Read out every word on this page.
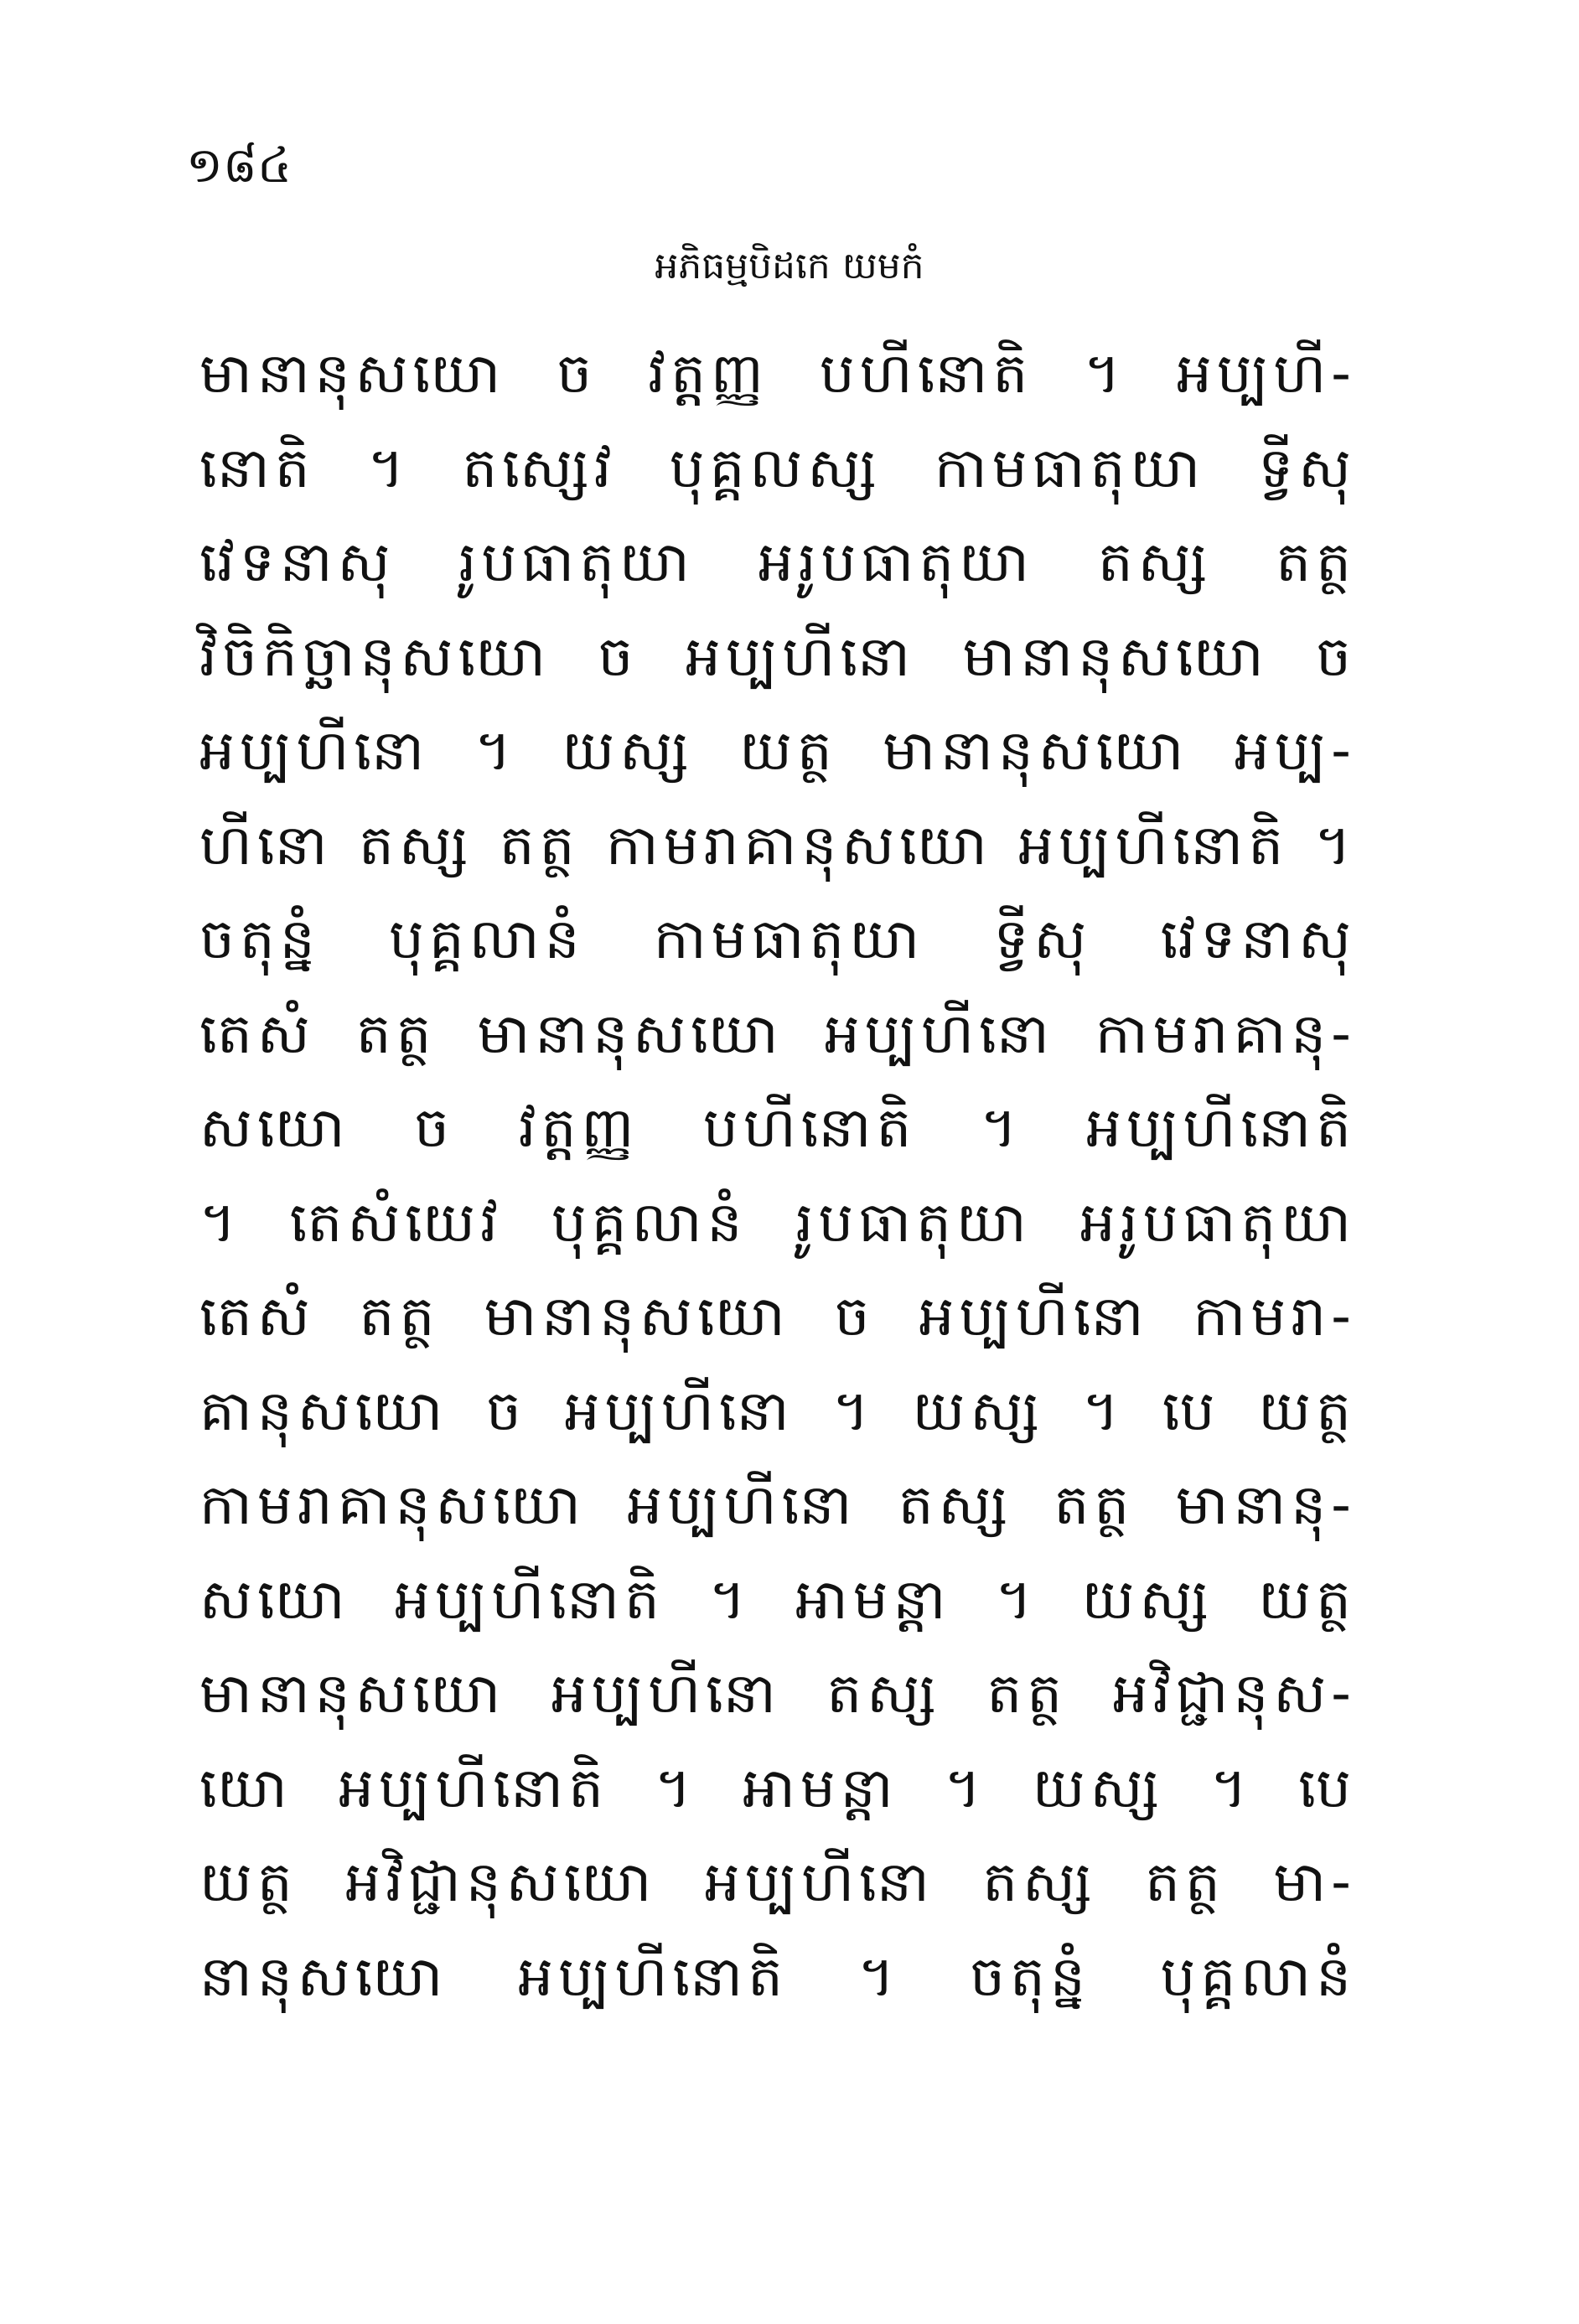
១៨៤
អភិធម្មបិដកេ យមកំ
មានានុសយោ ច វត្តញ្ញ បហីនោតិ ។ អប្បហី-
នោតិ ។ តស្សេវ បុគ្គលស្ស កាមធាតុយា ទ្វីសុ
វេទនាសុ រូបធាតុយា អរូបធាតុយា តស្ស តត្ថ
វិចិកិច្ឆានុសយោ ច អប្បហីនោ មានានុសយោ ច
អប្បហីនោ ។ យស្ស យត្ថ មានានុសយោ អប្ប-
ហីនោ តស្ស តត្ថ កាមរាគានុសយោ អប្បហីនោតិ ។
ចតុន្នំ បុគ្គលានំ កាមធាតុយា ទ្វីសុ វេទនាសុ
តេសំ តត្ថ មានានុសយោ អប្បហីនោ កាមរាគានុ-
សយោ ច វត្តញ្ញ បហីនោតិ ។ អប្បហីនោតិ
។ តេសំយេវ បុគ្គលានំ រូបធាតុយា អរូបធាតុយា
តេសំ តត្ថ មានានុសយោ ច អប្បហីនោ កាមរា-
គានុសយោ ច អប្បហីនោ ។ យស្ស ។ បេ យត្ថ
កាមរាគានុសយោ អប្បហីនោ តស្ស តត្ថ មានានុ-
សយោ អប្បហីនោតិ ។ អាមន្តា ។ យស្ស យត្ថ
មានានុសយោ អប្បហីនោ តស្ស តត្ថ អវិជ្ជានុស-
យោ អប្បហីនោតិ ។ អាមន្តា ។ យស្ស ។ បេ
យត្ថ អវិជ្ជានុសយោ អប្បហីនោ តស្ស តត្ថ មា-
នានុសយោ អប្បហីនោតិ ។ ចតុន្នំ បុគ្គលានំ
